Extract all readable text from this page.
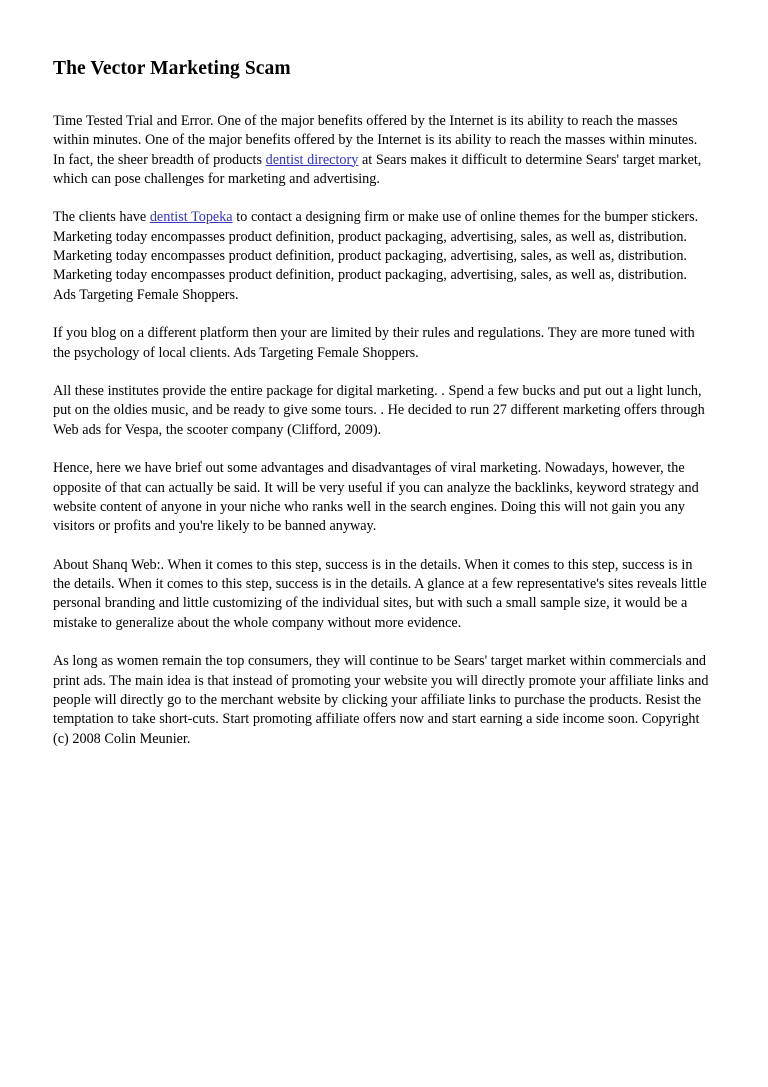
The Vector Marketing Scam

Time Tested Trial and Error. One of the major benefits offered by the Internet is its ability to reach the masses within minutes. One of the major benefits offered by the Internet is its ability to reach the masses within minutes. In fact, the sheer breadth of products dentist directory at Sears makes it difficult to determine Sears' target market, which can pose challenges for marketing and advertising.

The clients have dentist Topeka to contact a designing firm or make use of online themes for the bumper stickers. Marketing today encompasses product definition, product packaging, advertising, sales, as well as, distribution. Marketing today encompasses product definition, product packaging, advertising, sales, as well as, distribution. Marketing today encompasses product definition, product packaging, advertising, sales, as well as, distribution. Ads Targeting Female Shoppers.

If you blog on a different platform then your are limited by their rules and regulations. They are more tuned with the psychology of local clients. Ads Targeting Female Shoppers.

All these institutes provide the entire package for digital marketing. . Spend a few bucks and put out a light lunch, put on the oldies music, and be ready to give some tours. . He decided to run 27 different marketing offers through Web ads for Vespa, the scooter company (Clifford, 2009).

Hence, here we have brief out some advantages and disadvantages of viral marketing. Nowadays, however, the opposite of that can actually be said. It will be very useful if you can analyze the backlinks, keyword strategy and website content of anyone in your niche who ranks well in the search engines. Doing this will not gain you any visitors or profits and you're likely to be banned anyway.

About Shanq Web:. When it comes to this step, success is in the details. When it comes to this step, success is in the details. When it comes to this step, success is in the details. A glance at a few representative's sites reveals little personal branding and little customizing of the individual sites, but with such a small sample size, it would be a mistake to generalize about the whole company without more evidence.

As long as women remain the top consumers, they will continue to be Sears' target market within commercials and print ads. The main idea is that instead of promoting your website you will directly promote your affiliate links and people will directly go to the merchant website by clicking your affiliate links to purchase the products. Resist the temptation to take short-cuts. Start promoting affiliate offers now and start earning a side income soon. Copyright (c) 2008 Colin Meunier.
